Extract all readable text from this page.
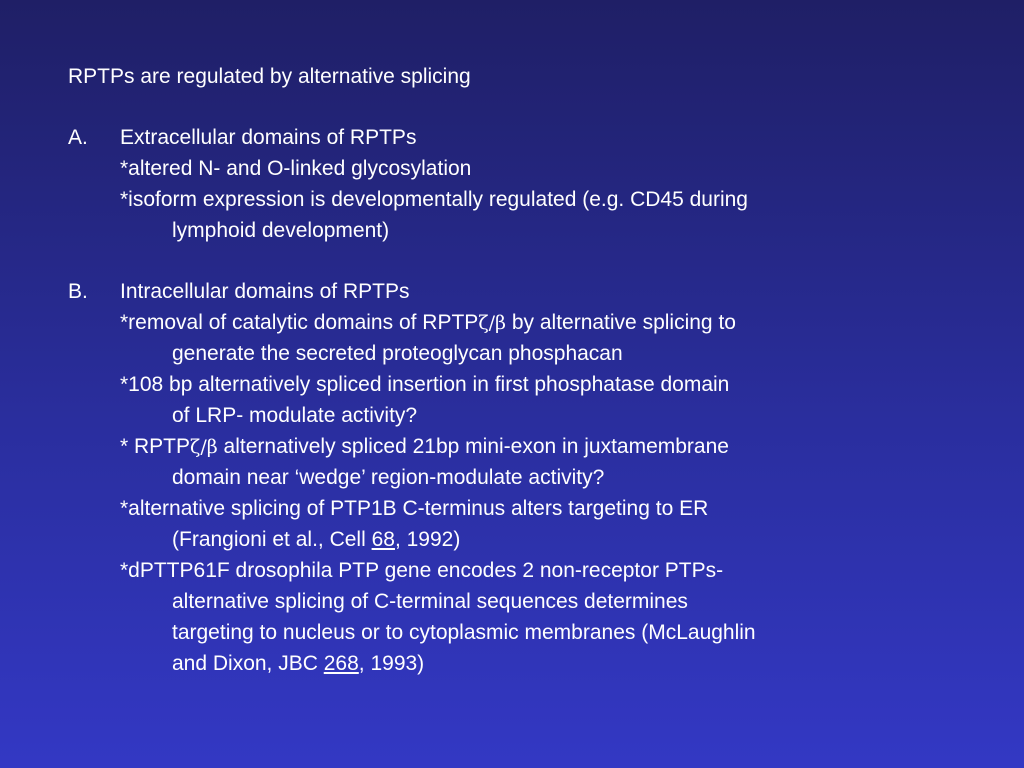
RPTPs are regulated by alternative splicing
A. Extracellular domains of RPTPs
*altered N- and O-linked glycosylation
*isoform expression is developmentally regulated (e.g. CD45 during
lymphoid development)
B. Intracellular domains of RPTPs
*removal of catalytic domains of RPTPζ/β by alternative splicing to
generate the secreted proteoglycan phosphacan
*108 bp alternatively spliced insertion in first phosphatase domain
of LRP- modulate activity?
* RPTPζ/β alternatively spliced 21bp mini-exon in juxtamembrane
domain near ‘wedge’ region-modulate activity?
*alternative splicing of PTP1B C-terminus alters targeting to ER
(Frangioni et al., Cell 68, 1992)
*dPTTP61F drosophila PTP gene encodes 2 non-receptor PTPs-
alternative splicing of C-terminal sequences determines
targeting to nucleus or to cytoplasmic membranes (McLaughlin
and Dixon, JBC 268, 1993)
